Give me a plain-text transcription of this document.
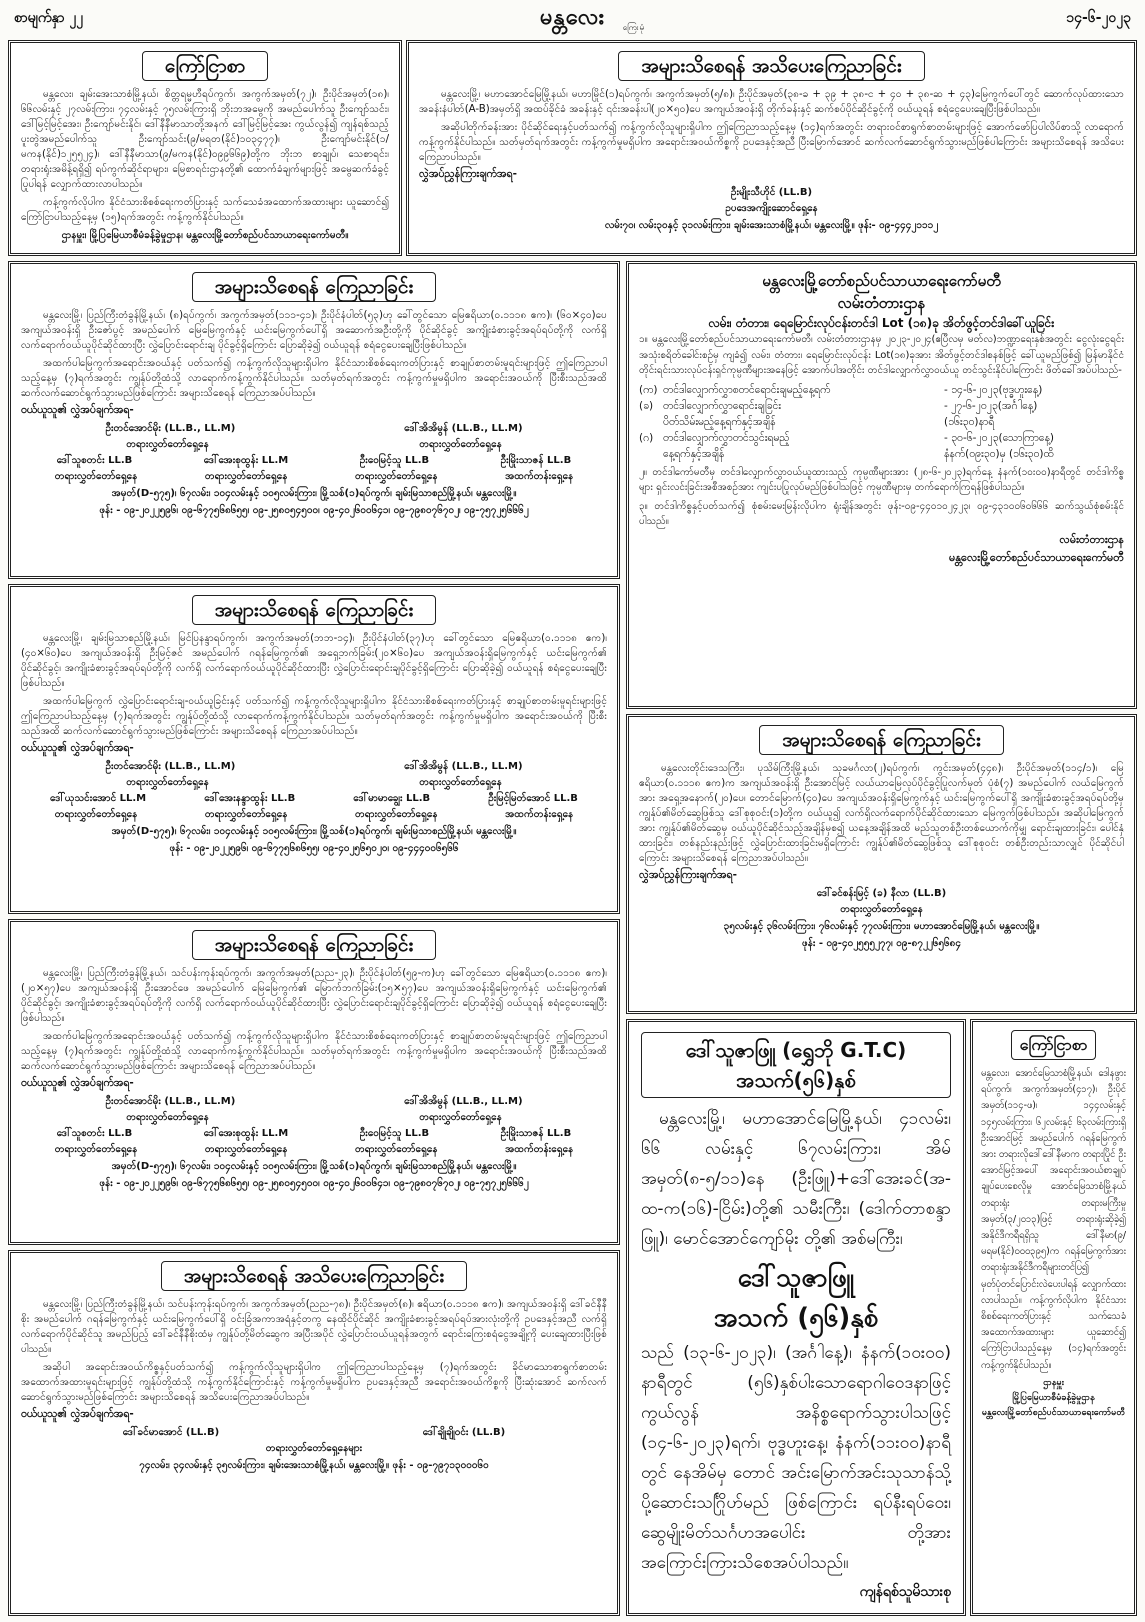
စာမျက်နှာ ၂၂	မန္တလေး ကြေးမုံ
၁၄-၆-၂၀၂၃
ကြော်ငြာစာ

မန္တလေး၊ ချမ်းအေးသာစံမြို့နယ်၊ စိတ္တရမ္မဟီရပ်ကွက်၊ အကွက်အမှတ်(၇၂)၊ ဦးပိုင်အမှတ်(၁၈)၊ ၆၆လမ်းနှင့် ၂၇လမ်းကြား၊ ၇၄လမ်းနှင့် ၇၅လမ်းကြားရှိ ဘိုးဘအမွေကို အမည်ပေါက်သူ ဦးကျော်သင်း၊ ဒေါ်မြင့်မြင့်အေး၊ ဦးကျော်မင်းနိုင်၊ ဒေါ်နီနီမာသာတို့အနက် ဒေါ်မြင့်မြင့်အေး ကွယ်လွန်၍ ကျန်ရစ်သည့် ပူးတွဲအမည်ပေါက်သူ ဦးကျော်သင်း(၉/မရတ(နိုင်)၁၀၃၄၇၇)၊ ဦးကျော်မင်းနိုင်(၁/မကန(နိုင်)၁၂၅၅၂၄)၊ ဒေါ်နီနီမာသာ(၉/မကန(နိုင်)၀၉၉၆၆၉)တို့က ဘိုးဘ စာချုပ်၊ သေစာရင်း၊ တရားရုံးအမိန့်ရရှိ၍ ရပ်ကွက်ဆိုင်ရာများ၊ မြေစာရင်းဌာနတို့၏ ထောက်ခံချက်များဖြင့် အမွေဆက်ခံခွင့်ပြုပါရန် လျှောက်ထားလာပါသည်။

ကန့်ကွက်လိုပါက နိုင်ငံသားစိစစ်ရေးကတ်ပြားနှင့် သက်သေခံအထောက်အထားများ ယူဆောင်၍ ကြော်ငြာပါသည့်နေ့မှ (၁၅)ရက်အတွင်း ကန့်ကွက်နိုင်ပါသည်။

ဌာနမှူး၊ မြို့ပြမြေယာစီမံခန့်ခွဲမှုဌာန၊ မန္တလေးမြို့တော်စည်ပင်သာယာရေးကော်မတီ။
အများသိစေရန် အသိပေးကြေညာခြင်း

မန္တလေးမြို့၊ မဟာအောင်မြေမြို့နယ်၊ မဟာမြိုင်(၁)ရပ်ကွက်၊ အကွက်အမှတ်(၅/၈)၊ ဦးပိုင်အမှတ်(၃၈-ခ + ၃၉ + ၃၈-င + ၄၀ + ၃၈-ဆ + ၄၃)မြေကွက်ပေါ်တွင် ဆောက်လုပ်ထားသော အခန်းနံပါတ်(A-B)အမှတ်ရှိ အထပ်ခိုင်ခံ အခန်းနှင့် ၎င်းအခန်းပါ(၂၀×၅၀)ပေ အကျယ်အဝန်းရှိ တိုက်ခန်းနှင့် ဆက်စပ်ပိုင်ဆိုင်ခွင့်ကို ဝယ်ယူရန် စရံငွေပေးချေပြီးဖြစ်ပါသည်။

အဆိုပါတိုက်ခန်းအား ပိုင်ဆိုင်ရေးနှင့်ပတ်သက်၍ ကန့်ကွက်လိုသူများရှိပါက ဤကြေညာသည့်နေ့မှ (၁၄)ရက်အတွင်း တရားဝင်စာရွက်စာတမ်းများဖြင့် အောက်ဖော်ပြပါလိပ်စာသို့ လာရောက်ကန့်ကွက်နိုင်ပါသည်။ သတ်မှတ်ရက်အတွင်း ကန့်ကွက်မှုမရှိပါက အရောင်းအဝယ်ကိစ္စကို ဥပဒေနှင့်အညီ ပြီးမြောက်အောင် ဆက်လက်ဆောင်ရွက်သွားမည်ဖြစ်ပါကြောင်း အများသိစေရန် အသိပေးကြေညာပါသည်။

လွှဲအပ်ညွှန်ကြားချက်အရ-
ဦးမျိုးသီဟိုင် (LL.B)
ဥပဒေအကျိုးဆောင်ရှေ့နေ
လမ်း၇၀၊ လမ်း၃၀နှင့် ၃၁လမ်းကြား၊ ချမ်းအေးသာစံမြို့နယ်၊ မန္တလေးမြို့။ ဖုန်း- ၀၉-၄၄၄၂၁၁၁၂
အများသိစေရန် ကြေညာခြင်း

မန္တလေးမြို့၊ ပြည်ကြီးတံခွန်မြို့နယ်၊ (၈)ရပ်ကွက်၊ အကွက်အမှတ်(၁၁၁-၄၁)၊ ဦးပိုင်နံပါတ်(၅၃)ဟု ခေါ်တွင်သော မြေဧရိယာ(၀.၁၁၁၈ ဧက)၊ (၆၀×၄၀)ပေ အကျယ်အဝန်းရှိ ဦးဇော်ပွင့် အမည်ပေါက် မြေမြေကွက်နှင့် ယင်းမြေကွက်ပေါ်ရှိ အဆောက်အဦးတို့ကို ပိုင်ဆိုင်ခွင့် အကျိုးခံစားခွင့်အရပ်ရပ်တို့ကို လက်ရှိ လက်ရောက်ဝယ်ယူပိုင်ဆိုင်ထားပြီး လွှဲပြောင်းရောင်းချ ပိုင်ခွင့်ရှိကြောင်း ပြောဆိုခဲ့၍ ဝယ်ယူရန် စရံငွေပေးချေပြီးဖြစ်ပါသည်။

အထက်ပါမြေကွက်အရောင်းအဝယ်နှင့် ပတ်သက်၍ ကန့်ကွက်လိုသူများရှိပါက နိုင်ငံသားစိစစ်ရေးကတ်ပြားနှင့် စာချုပ်စာတမ်းမူရင်းများဖြင့် ဤကြေညာပါသည့်နေ့မှ (၇)ရက်အတွင်း ကျွန်ုပ်တို့ထံသို့ လာရောက်ကန့်ကွက်နိုင်ပါသည်။ သတ်မှတ်ရက်အတွင်း ကန့်ကွက်မှုမရှိပါက အရောင်းအဝယ်ကို ပြီးစီးသည်အထိ ဆက်လက်ဆောင်ရွက်သွားမည်ဖြစ်ကြောင်း အများသိစေရန် ကြေညာအပ်ပါသည်။

ဝယ်ယူသူ၏ လွှဲအပ်ချက်အရ-
ဦးတင်အောင်မိုး (LL.B., LL.M)	ဒေါ်အိအိမွန် (LL.B., LL.M)
တရားလွှတ်တော်ရှေ့နေ	တရားလွှတ်တော်ရှေ့နေ
ဒေါ်သူစတင်း LL.B	ဒေါ်အေးစုထွန်း LL.M	ဦးဝေမြင့်သူ LL.B	ဦးမြိုးသာဇန် LL.B
တရားလွှတ်တော်ရှေ့နေ	တရားလွှတ်တော်ရှေ့နေ	တရားလွှတ်တော်ရှေ့နေ	အထက်တန်းရှေ့နေ
အမှတ်(D-၅၇၅)၊ ၆၇လမ်း၊ ၁၀၄လမ်းနှင့် ၁၀၅လမ်းကြား၊ မြို့သစ်(၁)ရပ်ကွက်၊ ချမ်းမြသာစည်မြို့နယ်၊ မန္တလေးမြို့။
ဖုန်း - ၀၉-၂၀၂၂၅၉၆၊ ၀၉-၆၇၇၅၆၈၆၅၅၊ ၀၉-၂၅၈၀၅၄၅၀၀၊ ၀၉-၄၀၂၆၀၀၆၄၁၊ ၀၉-၇၉၈၀၇၆၇၀၂၊ ၀၉-၇၅၇၂၅၆၆၆၂
အများသိစေရန် ကြေညာခြင်း

မန္တလေးမြို့၊ ချမ်းမြသာစည်မြို့နယ်၊ မြင်ပြနန္ဒာရပ်ကွက်၊ အကွက်အမှတ်(ဘဘ-၁၄)၊ ဦးပိုင်နံပါတ်(၃၇)ဟု ခေါ်တွင်သော မြေဧရိယာ(၀.၁၁၁၈ ဧက)၊ (၄၀×၆၀)ပေ အကျယ်အဝန်းရှိ ဦးမြင့်ဇင် အမည်ပေါက် ဂရန်မြေကွက်၏ အရှေ့ဘက်ခြမ်း(၂၀×၆၀)ပေ အကျယ်အဝန်းရှိမြေကွက်နှင့် ယင်းမြေကွက်၏ ပိုင်ဆိုင်ခွင့်၊ အကျိုးခံစားခွင့်အရပ်ရပ်တို့ကို လက်ရှိ လက်ရောက်ဝယ်ယူပိုင်ဆိုင်ထားပြီး လွှဲပြောင်းရောင်းချပိုင်ခွင့်ရှိကြောင်း ပြောဆိုခဲ့၍ ဝယ်ယူရန် စရံငွေပေးချေပြီးဖြစ်ပါသည်။

အထက်ပါမြေကွက် လွှဲပြောင်းရောင်းချ-ဝယ်ယူခြင်းနှင့် ပတ်သက်၍ ကန့်ကွက်လိုသူများရှိပါက နိုင်ငံသားစိစစ်ရေးကတ်ပြားနှင့် စာချုပ်စာတမ်းမူရင်းများဖြင့် ဤကြေညာပါသည့်နေ့မှ (၇)ရက်အတွင်း ကျွန်ုပ်တို့ထံသို့ လာရောက်ကန့်ကွက်နိုင်ပါသည်။ သတ်မှတ်ရက်အတွင်း ကန့်ကွက်မှုမရှိပါက အရောင်းအဝယ်ကို ပြီးစီးသည်အထိ ဆက်လက်ဆောင်ရွက်သွားမည်ဖြစ်ကြောင်း အများသိစေရန် ကြေညာအပ်ပါသည်။

ဝယ်ယူသူ၏ လွှဲအပ်ချက်အရ-
ဦးတင်အောင်မိုး (LL.B., LL.M)	ဒေါ်အိအိမွန် (LL.B., LL.M)
တရားလွှတ်တော်ရှေ့နေ	တရားလွှတ်တော်ရှေ့နေ
ဒေါ်ယုသင်းအောင် LL.M	ဒေါ်အေးနန္ဒာထွန်း LL.B	ဒေါ်မာမာချွေး LL.B	ဦးမြင့်မြတ်အောင် LL.B
တရားလွှတ်တော်ရှေ့နေ	တရားလွှတ်တော်ရှေ့နေ	တရားလွှတ်တော်ရှေ့နေ	အထက်တန်းရှေ့နေ
အမှတ်(D-၅၇၅)၊ ၆၇လမ်း၊ ၁၀၄လမ်းနှင့် ၁၀၅လမ်းကြား၊ မြို့သစ်(၁)ရပ်ကွက်၊ ချမ်းမြသာစည်မြို့နယ်၊ မန္တလေးမြို့။
ဖုန်း - ၀၉-၂၀၂၂၅၉၆၊ ၀၉-၆၇၇၅၆၈၆၅၅၊ ၀၉-၄၀၂၅၆၅၀၂၀၊ ၀၉-၄၄၄၀၀၆၅၆၆
အများသိစေရန် ကြေညာခြင်း

မန္တလေးမြို့၊ ပြည်ကြီးတံခွန်မြို့နယ်၊ သင်ပန်းကုန်းရပ်ကွက်၊ အကွက်အမှတ်(ညည-၂၃)၊ ဦးပိုင်နံပါတ်(၅၉-က)ဟု ခေါ်တွင်သော မြေဧရိယာ(၀.၁၁၁၈ ဧက)၊ (၂၀×၅၇)ပေ အကျယ်အဝန်းရှိ ဦးအောင်ဖေ အမည်ပေါက် မြေမြေကွက်၏ မြောက်ဘက်ခြမ်း(၁၅×၅၇)ပေ အကျယ်အဝန်းရှိမြေကွက်နှင့် ယင်းမြေကွက်၏ ပိုင်ဆိုင်ခွင့်၊ အကျိုးခံစားခွင့်အရပ်ရပ်တို့ကို လက်ရှိ လက်ရောက်ဝယ်ယူပိုင်ဆိုင်ထားပြီး လွှဲပြောင်းရောင်းချပိုင်ခွင့်ရှိကြောင်း ပြောဆိုခဲ့၍ ဝယ်ယူရန် စရံငွေပေးချေပြီးဖြစ်ပါသည်။

အထက်ပါမြေကွက်အရောင်းအဝယ်နှင့် ပတ်သက်၍ ကန့်ကွက်လိုသူများရှိပါက နိုင်ငံသားစိစစ်ရေးကတ်ပြားနှင့် စာချုပ်စာတမ်းမူရင်းများဖြင့် ဤကြေညာပါသည့်နေ့မှ (၇)ရက်အတွင်း ကျွန်ုပ်တို့ထံသို့ လာရောက်ကန့်ကွက်နိုင်ပါသည်။ သတ်မှတ်ရက်အတွင်း ကန့်ကွက်မှုမရှိပါက အရောင်းအဝယ်ကို ပြီးစီးသည်အထိ ဆက်လက်ဆောင်ရွက်သွားမည်ဖြစ်ကြောင်း အများသိစေရန် ကြေညာအပ်ပါသည်။

ဝယ်ယူသူ၏ လွှဲအပ်ချက်အရ-
ဦးတင်အောင်မိုး (LL.B., LL.M)	ဒေါ်အိအိမွန် (LL.B., LL.M)
တရားလွှတ်တော်ရှေ့နေ	တရားလွှတ်တော်ရှေ့နေ
ဒေါ်သူစတင်း LL.B	ဒေါ်အေးစုထွန်း LL.M	ဦးဝေမြင့်သူ LL.B	ဦးမြိုးသာဇန် LL.B
တရားလွှတ်တော်ရှေ့နေ	တရားလွှတ်တော်ရှေ့နေ	တရားလွှတ်တော်ရှေ့နေ	အထက်တန်းရှေ့နေ
အမှတ်(D-၅၇၅)၊ ၆၇လမ်း၊ ၁၀၄လမ်းနှင့် ၁၀၅လမ်းကြား၊ မြို့သစ်(၁)ရပ်ကွက်၊ ချမ်းမြသာစည်မြို့နယ်၊ မန္တလေးမြို့။
ဖုန်း - ၀၉-၂၀၂၂၅၉၆၊ ၀၉-၆၇၇၅၆၈၆၅၅၊ ၀၉-၂၅၈၀၅၄၅၀၀၊ ၀၉-၄၀၂၆၀၀၆၄၁၊ ၀၉-၇၉၈၀၇၆၇၀၂၊ ၀၉-၇၅၇၂၅၆၆၆၂
အများသိစေရန် အသိပေးကြေညာခြင်း

မန္တလေးမြို့၊ ပြည်ကြီးတံခွန်မြို့နယ်၊ သင်ပန်းကုန်းရပ်ကွက်၊ အကွက်အမှတ်(ညည-၇၈)၊ ဦးပိုင်အမှတ်(၈)၊ ဧရိယာ(၀.၁၁၁၈ ဧက)၊ အကျယ်အဝန်းရှိ ဒေါ်ခင်နီနီစိုး အမည်ပေါက် ဂရန်မြေကွက်နှင့် ယင်းမြေကွက်ပေါ်ရှိ ဝင်းခြံအကာအရံနှင့်တကွ နေထိုင်ပိုင်ဆိုင် အကျိုးခံစားခွင့်အရပ်ရပ်အားလုံးတို့ကို ဥပဒေနှင့်အညီ လက်ရှိ လက်ရောက်ပိုင်ဆိုင်သူ အမည်ပြည့် ဒေါ်ခင်နီနီစိုးထံမှ ကျွန်ုပ်တို့မိတ်ဆွေက အပြီးအပိုင် လွှဲပြောင်းဝယ်ယူရန်အတွက် ရောင်းကြေးစရံငွေအချို့ကို ပေးချေထားပြီးဖြစ်ပါသည်။

အဆိုပါ အရောင်းအဝယ်ကိစ္စနှင့်ပတ်သက်၍ ကန့်ကွက်လိုသူများရှိပါက ဤကြေညာပါသည့်နေ့မှ (၇)ရက်အတွင်း ခိုင်မာသောစာရွက်စာတမ်းအထောက်အထားမူရင်းများဖြင့် ကျွန်ုပ်တို့ထံသို့ ကန့်ကွက်နိုင်ကြောင်းနှင့် ကန့်ကွက်မှုမရှိပါက ဥပဒေနှင့်အညီ အရောင်းအဝယ်ကိစ္စကို ပြီးဆုံးအောင် ဆက်လက်ဆောင်ရွက်သွားမည်ဖြစ်ကြောင်း အများသိစေရန် အသိပေးကြေညာအပ်ပါသည်။

ဝယ်ယူသူ၏ လွှဲအပ်ချက်အရ-
ဒေါ်ခင်မာအောင် (LL.B)	ဒေါ်ချိုချိုဝင်း (LL.B)
တရားလွှတ်တော်ရှေ့နေများ
၇၄လမ်း၊ ၃၄လမ်းနှင့် ၃၅လမ်းကြား၊ ချမ်းအေးသာစံမြို့နယ်၊ မန္တလေးမြို့။ ဖုန်း - ၀၉-၇၉၇၁၃၀၀၀၆၀
မန္တလေးမြို့တော်စည်ပင်သာယာရေးကော်မတီ
လမ်းတံတားဌာန
လမ်း၊ တံတား၊ ရေမြောင်းလုပ်ငန်းတင်ဒါ Lot (၁၈)ခု အိတ်ဖွင့်တင်ဒါခေါ်ယူခြင်း

၁။ မန္တလေးမြို့တော်စည်ပင်သာယာရေးကော်မတီ၊ လမ်းတံတားဌာနမှ ၂၀၂၃-၂၀၂၄(ဧပြီလမှ မတ်လ)ဘဏ္ဍာရေးနှစ်အတွင်း ငွေလုံးငွေရင်းအသုံးစရိတ်ခေါင်းစဉ်မှ ကျခံ၍ လမ်း၊ တံတား၊ ရေမြောင်းလုပ်ငန်း Lot(၁၈)ခုအား အိတ်ဖွင့်တင်ဒါစနစ်ဖြင့် ခေါ်ယူမည်ဖြစ်၍ မြန်မာနိုင်ငံတိုင်းရင်းသားလုပ်ငန်းရှင်ကုမ္ပဏီများအနေဖြင့် အောက်ပါအတိုင်း တင်ဒါလျှောက်လွှာဝယ်ယူ တင်သွင်းနိုင်ပါကြောင်း ဖိတ်ခေါ်အပ်ပါသည်-

(က) တင်ဒါလျှောက်လွှာစတင်ရောင်းချမည့်နေ့ရက်	- ၁၄-၆-၂၀၂၃(ဗုဒ္ဓဟူးနေ့)
(ခ) တင်ဒါလျှောက်လွှာရောင်းချခြင်း	- ၂၇-၆-၂၀၂၃(အင်္ဂါနေ့)
ပိတ်သိမ်းမည့်နေ့ရက်နှင့်အချိန်	(၁၆း၃၀)နာရီ
(ဂ) တင်ဒါလျှောက်လွှာတင်သွင်းရမည့်	- ၃၀-၆-၂၀၂၃(သောကြာနေ့)
နေ့ရက်နှင့်အချိန်	နံနက်(၀၉း၃၀)မှ (၁၆း၃၀)ထိ

၂။ တင်ဒါကော်မတီမှ တင်ဒါလျှောက်လွှာဝယ်ယူထားသည့် ကုမ္ပဏီများအား (၂၈-၆-၂၀၂၃)ရက်နေ့ နံနက်(၁၀း၀၀)နာရီတွင် တင်ဒါကိစ္စများ ရှင်းလင်းခြင်းအစီအစဉ်အား ကျင်းပပြုလုပ်မည်ဖြစ်ပါသဖြင့် ကုမ္ပဏီများမှ တက်ရောက်ကြရန်ဖြစ်ပါသည်။

၃။ တင်ဒါကိစ္စနှင့်ပတ်သက်၍ စုံစမ်းမေးမြန်းလိုပါက ရုံးချိန်အတွင်း ဖုန်း-၀၉-၄၄၀၁၀၂၄၂၃၊ ၀၉-၄၃၁၀၀၆၀၆၆၆ ဆက်သွယ်စုံစမ်းနိုင်ပါသည်။

လမ်းတံတားဌာန
မန္တလေးမြို့တော်စည်ပင်သာယာရေးကော်မတီ
အများသိစေရန် ကြေညာခြင်း

မန္တလေးတိုင်းဒေသကြီး၊ ပုသိမ်ကြီးမြို့နယ်၊ သုခမင်္ဂလာ(၂)ရပ်ကွက်၊ ကွင်းအမှတ်(၄၄၈)၊ ဦးပိုင်အမှတ်(၁၁၄/၁)၊ မြေဧရိယာ(၀.၁၁၁၈ ဧက)က အကျယ်အဝန်းရှိ ဦးအောင်မြင့် လယ်ယာမြေလုပ်ပိုင်ခွင့်ပြုလက်မှတ် ပုံစံ(၇) အမည်ပေါက် လယ်မြေကွက်အား အရှေ့အနောက်(၂၀)ပေ၊ တောင်မြောက်(၄၀)ပေ အကျယ်အဝန်းရှိမြေကွက်နှင့် ယင်းမြေကွက်ပေါ်ရှိ အကျိုးခံစားခွင့်အရပ်ရပ်တို့မှ ကျွန်ုပ်၏မိတ်ဆွေဖြစ်သူ ဒေါ်စုစုဝင်း(၁)တို့က ဝယ်ယူ၍ လက်ရှိလက်ရောက်ပိုင်ဆိုင်ထားသော မြေကွက်ဖြစ်ပါသည်။ အဆိုပါမြေကွက်အား ကျွန်ုပ်၏မိတ်ဆွေမှ ဝယ်ယူပိုင်ဆိုင်သည့်အချိန်မှစ၍ ယနေ့အချိန်အထိ မည်သူတစ်ဦးတစ်ယောက်ကိုမျှ ရောင်းချထားခြင်း၊ ပေါင်နှံထားခြင်း၊ တစ်နည်းနည်းဖြင့် လွှဲပြောင်းထားခြင်းမရှိကြောင်း ကျွန်ုပ်၏မိတ်ဆွေဖြစ်သူ ဒေါ်စုစုဝင်း တစ်ဦးတည်းသာလျှင် ပိုင်ဆိုင်ပါကြောင်း အများသိစေရန် ကြေညာအပ်ပါသည်။

လွှဲအပ်ညွှန်ကြားချက်အရ-
ဒေါ်ခင်စန်းမြင့် (ခ) နီလာ (LL.B)
တရားလွှတ်တော်ရှေ့နေ
၃၅လမ်းနှင့် ၃၆လမ်းကြား၊ ၇၆လမ်းနှင့် ၇၇လမ်းကြား၊ မဟာအောင်မြေမြို့နယ်၊ မန္တလေးမြို့။
ဖုန်း - ၀၉-၄၀၂၅၅၅၂၇၇၊ ၀၉-၈၇၂၂၆၅၆၈၄
ဒေါ်သူဇာဖြူ (ရွှေဘို G.T.C) အသက်(၅၆)နှစ်

မန္တလေးမြို့၊ မဟာအောင်မြေမြို့နယ်၊ ၄၁လမ်း၊ ၆၆ လမ်းနှင့် ၆၇လမ်းကြား၊ အိမ်အမှတ်(၈-၅/၁၁)နေ (ဦးဖြူ)+ဒေါ်အေးခင်(အ-ထ-က(၁၆)-ငြိမ်း)တို့၏ သမီးကြီး၊ (ဒေါက်တာစန္ဒာဖြူ)၊ မောင်အောင်ကျော်မိုး တို့၏ အစ်မကြီး၊

ဒေါ်သူဇာဖြူ
အသက် (၅၆)နှစ်

သည် (၁၃-၆-၂၀၂၃)၊ (အင်္ဂါနေ့)၊ နံနက်(၁၀း၀၀) နာရီတွင် (၅၆)နှစ်ပါးသောရောဂါဝေဒနာဖြင့် ကွယ်လွန် အနိစ္စရောက်သွားပါသဖြင့် (၁၄-၆-၂၀၂၃)ရက်၊ ဗုဒ္ဓဟူးနေ့၊ နံနက်(၁၁း၀၀)နာရီတွင် နေအိမ်မှ တောင် အင်းမြောက်အင်းသုသာန်သို့ ပို့ဆောင်းသင်္ဂြိုဟ်မည် ဖြစ်ကြောင်း ရပ်နီးရပ်ဝေး၊ ဆွေမျိုးမိတ်သင်္ဂဟအပေါင်း တို့အား အကြောင်းကြားသိစေအပ်ပါသည်။

ကျန်ရစ်သူမိသားစု
ကြော်ငြာစာ

မန္တလေး၊ အောင်မြေသာစံမြို့နယ်၊ ဒေါနဖွားရပ်ကွက်၊ အကွက်အမှတ်(၄၁၇)၊ ဦးပိုင်အမှတ်(၁၁၄-ဖ)၊ ၁၄၄လမ်းနှင့် ၁၄၅လမ်းကြား၊ ၆၂လမ်းနှင့် ၆၃လမ်းကြားရှိ ဦးအောင်မြင့် အမည်ပေါက် ဂရန်မြေကွက်အား တရားလိုဒေါ်ဒေါ်နီမာက တရားပြိုင် ဦးအောင်မြင့်အပေါ် အရောင်းအဝယ်စာချုပ် ချုပ်ပေးစေလိုမှု အောင်မြေသာစံမြို့နယ်တရားရုံး တရားမကြီးမှုအမှတ်(၃/၂၀၁၃)ဖြင့် တရားရုံးဆိုခဲ့၍ အနိုင်ဒီကရီရရှိသူ ဒေါ်နီမာ(၉/မရမ(နိုင်)၀၀၀၃၉၅)က ဂရန်မြေကွက်အား တရားရုံးအနိုင်ဒီကရီများတင်ပြ၍ မှတ်ပုံတင်ပြောင်းလဲပေးပါရန် လျှောက်ထားလာပါသည်။ ကန့်ကွက်လိုပါက နိုင်ငံသားစိစစ်ရေးကတ်ပြားနှင့် သက်သေခံအထောက်အထားများ ယူဆောင်၍ ကြော်ငြာပါသည့်နေ့မှ (၁၄)ရက်အတွင်း ကန့်ကွက်နိုင်ပါသည်။

ဌာနမှူး
မြို့ပြမြေယာစီမံခန့်ခွဲမှုဌာန
မန္တလေးမြို့တော်စည်ပင်သာယာရေးကော်မတီ
